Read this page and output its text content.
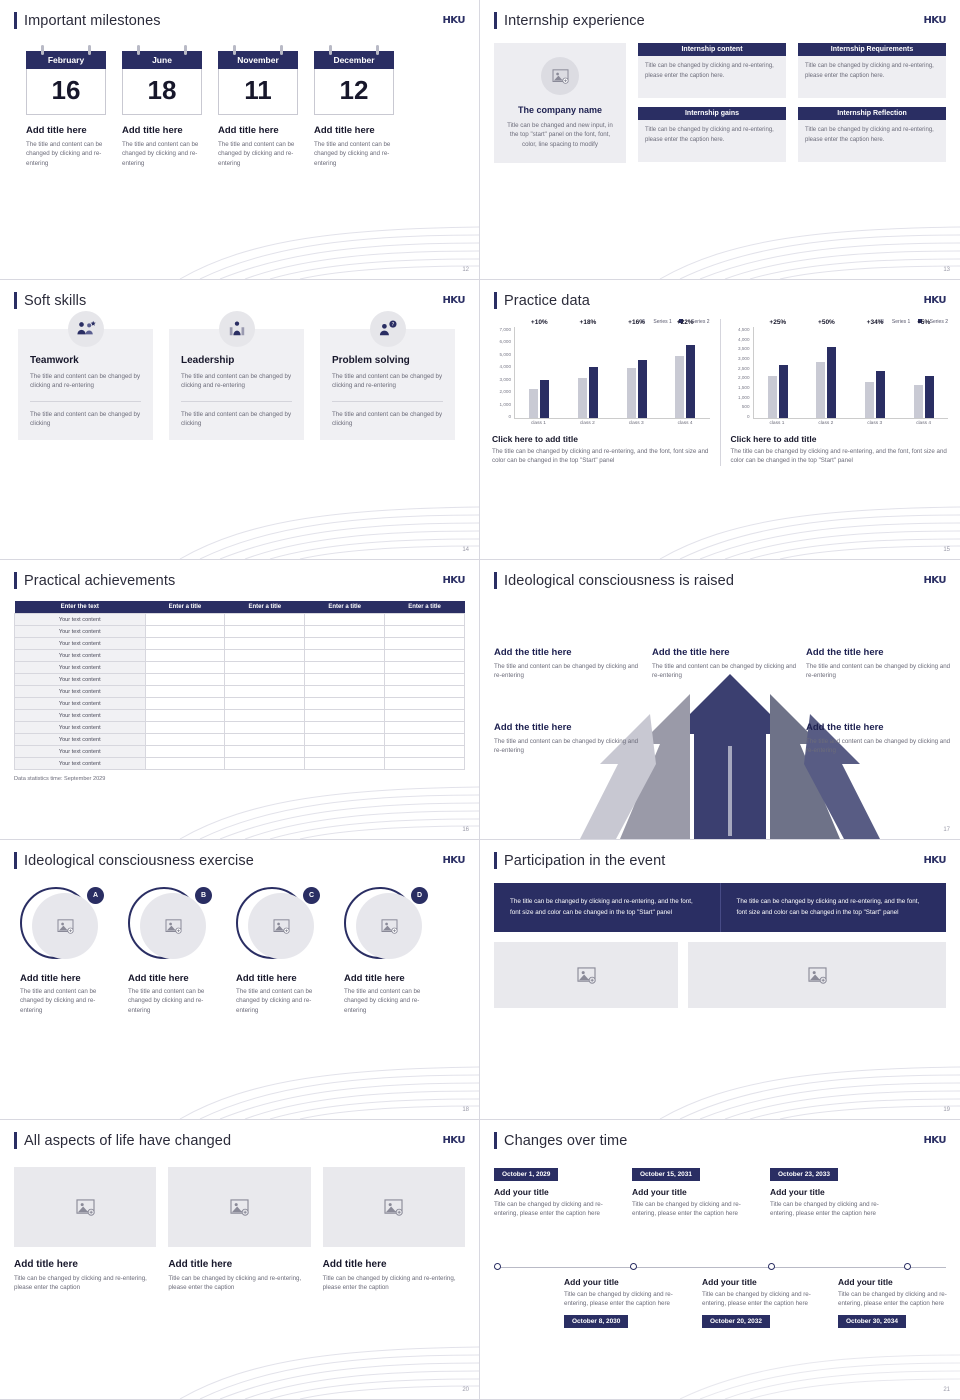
Important milestones	HKU
February
16
Add title here
The title and content can be changed by clicking and re-entering
June
18
Add title here
The title and content can be changed by clicking and re-entering
November
11
Add title here
The title and content can be changed by clicking and re-entering
December
12
Add title here
The title and content can be changed by clicking and re-entering
12
Internship experience	HKU
The company name
Title can be changed and new input, in the top "start" panel on the font, font, color, line spacing to modify
Internship content
Title can be changed by clicking and re-entering, please enter the caption here.
Internship Requirements
Title can be changed by clicking and re-entering, please enter the caption here.
Internship gains
Title can be changed by clicking and re-entering, please enter the caption here.
Internship Reflection
Title can be changed by clicking and re-entering, please enter the caption here.
13
Soft skills	HKU
Teamwork
The title and content can be changed by clicking and re-entering
The title and content can be changed by clicking
Leadership
The title and content can be changed by clicking and re-entering
The title and content can be changed by clicking
?
Problem solving
The title and content can be changed by clicking and re-entering
The title and content can be changed by clicking
14
Practice data	HKU
Series 1	Series 2
7,000
6,000
5,000
4,000
3,000
2,000
1,000
0
+10%	+18%	+16%	+22%
class 1	class 2	class 3	class 4
Click here to add title
The title can be changed by clicking and re-entering, and the font, font size and color can be changed in the top "Start" panel
Series 1	Series 2
4,500
4,000
3,500
3,000
2,500
2,000
1,500
1,000
500
0
+25%	+50%	+34%	+5%
class 1	class 2	class 3	class 4
Click here to add title
The title can be changed by clicking and re-entering, and the font, font size and color can be changed in the top "Start" panel
15
Practical achievements	HKU
Enter the text	Enter a title	Enter a title	Enter a title	Enter a title
Your text content				
Your text content				
Your text content				
Your text content				
Your text content				
Your text content				
Your text content				
Your text content				
Your text content				
Your text content				
Your text content				
Your text content				
Your text content				
Data statistics time: September 2029
16
Ideological consciousness is raised	HKU
Add the title here
The title and content can be changed by clicking and re-entering
Add the title here
The title and content can be changed by clicking and re-entering
Add the title here
The title and content can be changed by clicking and re-entering
Add the title here
The title and content can be changed by clicking and re-entering
Add the title here
The title and content can be changed by clicking and re-entering
17
Ideological consciousness exercise	HKU
A
Add title here
The title and content can be changed by clicking and re-entering
B
Add title here
The title and content can be changed by clicking and re-entering
C
Add title here
The title and content can be changed by clicking and re-entering
D
Add title here
The title and content can be changed by clicking and re-entering
18
Participation in the event	HKU
The title can be changed by clicking and re-entering, and the font, font size and color can be changed in the top "Start" panel
The title can be changed by clicking and re-entering, and the font, font size and color can be changed in the top "Start" panel
19
All aspects of life have changed	HKU
Add title here
Title can be changed by clicking and re-entering, please enter the caption
Add title here
Title can be changed by clicking and re-entering, please enter the caption
Add title here
Title can be changed by clicking and re-entering, please enter the caption
20
Changes over time	HKU
October 1, 2029
Add your title
Title can be changed by clicking and re-entering, please enter the caption here
October 15, 2031
Add your title
Title can be changed by clicking and re-entering, please enter the caption here
October 23, 2033
Add your title
Title can be changed by clicking and re-entering, please enter the caption here
Add your title
Title can be changed by clicking and re-entering, please enter the caption here
October 8, 2030
Add your title
Title can be changed by clicking and re-entering, please enter the caption here
October 20, 2032
Add your title
Title can be changed by clicking and re-entering, please enter the caption here
October 30, 2034
21
